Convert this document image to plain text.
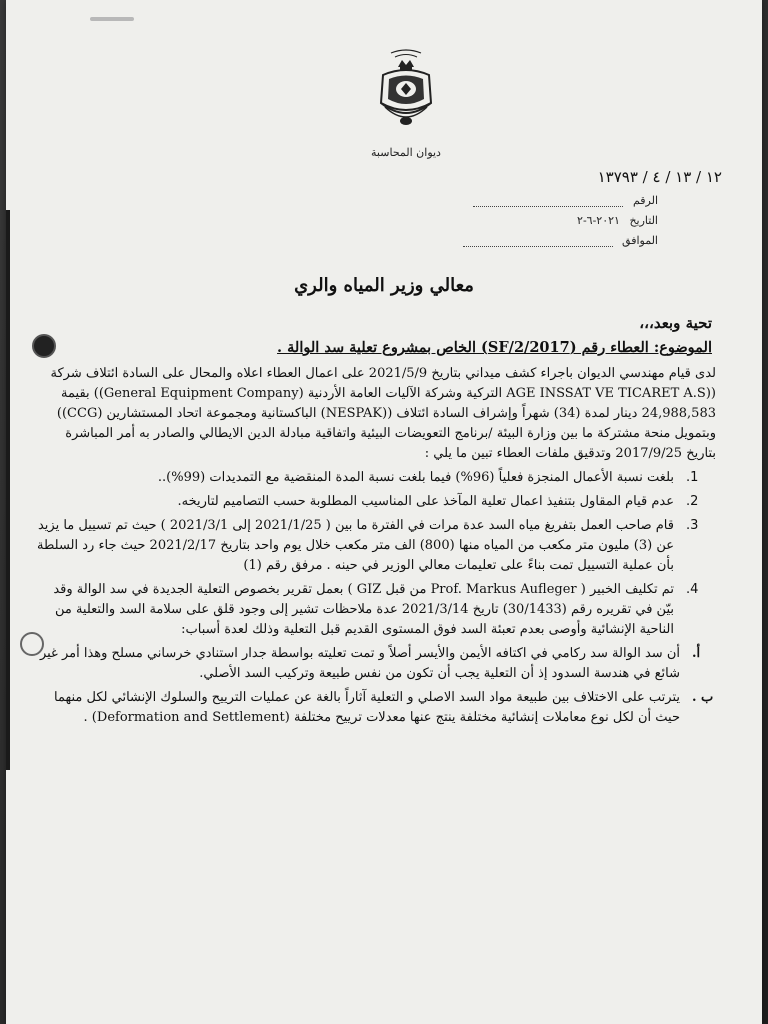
ديوان المحاسبة
١٢ / ١٣ / ٤ / ١٣٧٩٣
الرقم
التاريخ ٢٠٢١-٦-٢
الموافق
معالي وزير المياه والري
تحية وبعد،،،
الموضوع: العطاء رقم (SF/2/2017) الخاص بمشروع تعلية سد الوالة .

لدى قيام مهندسي الديوان باجراء كشف ميداني بتاريخ 2021/5/9 على اعمال العطاء اعلاه والمحال على السادة ائتلاف شركة ((AGE INSSAT VE TICARET A.S التركية وشركة الآليات العامة الأردنية (General Equipment Company)) بقيمة 24,988,583 دينار لمدة (34) شهراً وإشراف السادة ائتلاف ((NESPAK) الباكستانية ومجموعة اتحاد المستشارين (CCG)) وبتمويل منحة مشتركة ما بين وزارة البيئة /برنامج التعويضات البيئية واتفاقية مبادلة الدين الايطالي والصادر به أمر المباشرة بتاريخ 2017/9/25 وتدقيق ملفات العطاء تبين ما يلي :

1.
بلغت نسبة الأعمال المنجزة فعلياً (96%) فيما بلغت نسبة المدة المنقضية مع التمديدات (99%)..

2.
عدم قيام المقاول بتنفيذ اعمال تعلية المآخذ على المناسيب المطلوبة حسب التصاميم لتاريخه.

3.
قام صاحب العمل بتفريغ مياه السد عدة مرات في الفترة ما بين ( 2021/1/25 إلى 2021/3/1 ) حيث تم تسييل ما يزيد عن (3) مليون متر مكعب من المياه منها (800) الف متر مكعب خلال يوم واحد بتاريخ 2021/2/17 حيث جاء رد السلطة بأن عملية التسييل تمت بناءً على تعليمات معالي الوزير في حينه . مرفق رقم (1)

4.
تم تكليف الخبير ( Prof. Markus Aufleger من قبل GIZ ) بعمل تقرير بخصوص التعلية الجديدة في سد الوالة وقد بيّن في تقريره رقم (30/1433) تاريخ 2021/3/14 عدة ملاحظات تشير إلى وجود قلق على سلامة السد والتعلية من الناحية الإنشائية وأوصى بعدم تعبئة السد فوق المستوى القديم قبل التعلية وذلك لعدة أسباب:

أ.
أن سد الوالة سد ركامي في اكتافه الأيمن والأيسر أصلاً و تمت تعليته بواسطة جدار استنادي خرساني مسلح وهذا أمر غير شائع في هندسة السدود إذ أن التعلية يجب أن تكون من نفس طبيعة وتركيب السد الأصلي.

ب .
يترتب على الاختلاف بين طبيعة مواد السد الاصلي و التعلية آثاراً بالغة عن عمليات الترييح والسلوك الإنشائي لكل منهما حيث أن لكل نوع معاملات إنشائية مختلفة ينتج عنها معدلات ترييح مختلفة (Deformation and Settlement) .
